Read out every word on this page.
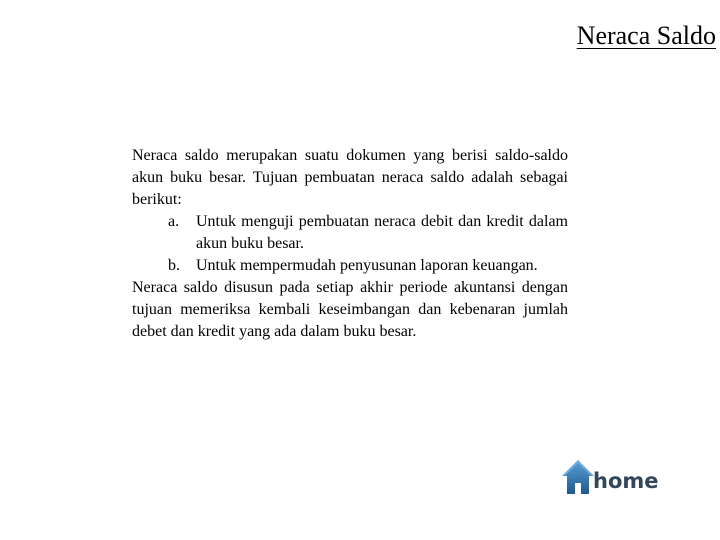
Neraca Saldo

Neraca saldo merupakan suatu dokumen yang berisi saldo-saldo akun buku besar. Tujuan pembuatan neraca saldo adalah sebagai berikut:

a. Untuk menguji pembuatan neraca debit dan kredit dalam akun buku besar.
b. Untuk mempermudah penyusunan laporan keuangan.

Neraca saldo disusun pada setiap akhir periode akuntansi dengan tujuan memeriksa kembali keseimbangan dan kebenaran jumlah debet dan kredit yang ada dalam buku besar.

home
